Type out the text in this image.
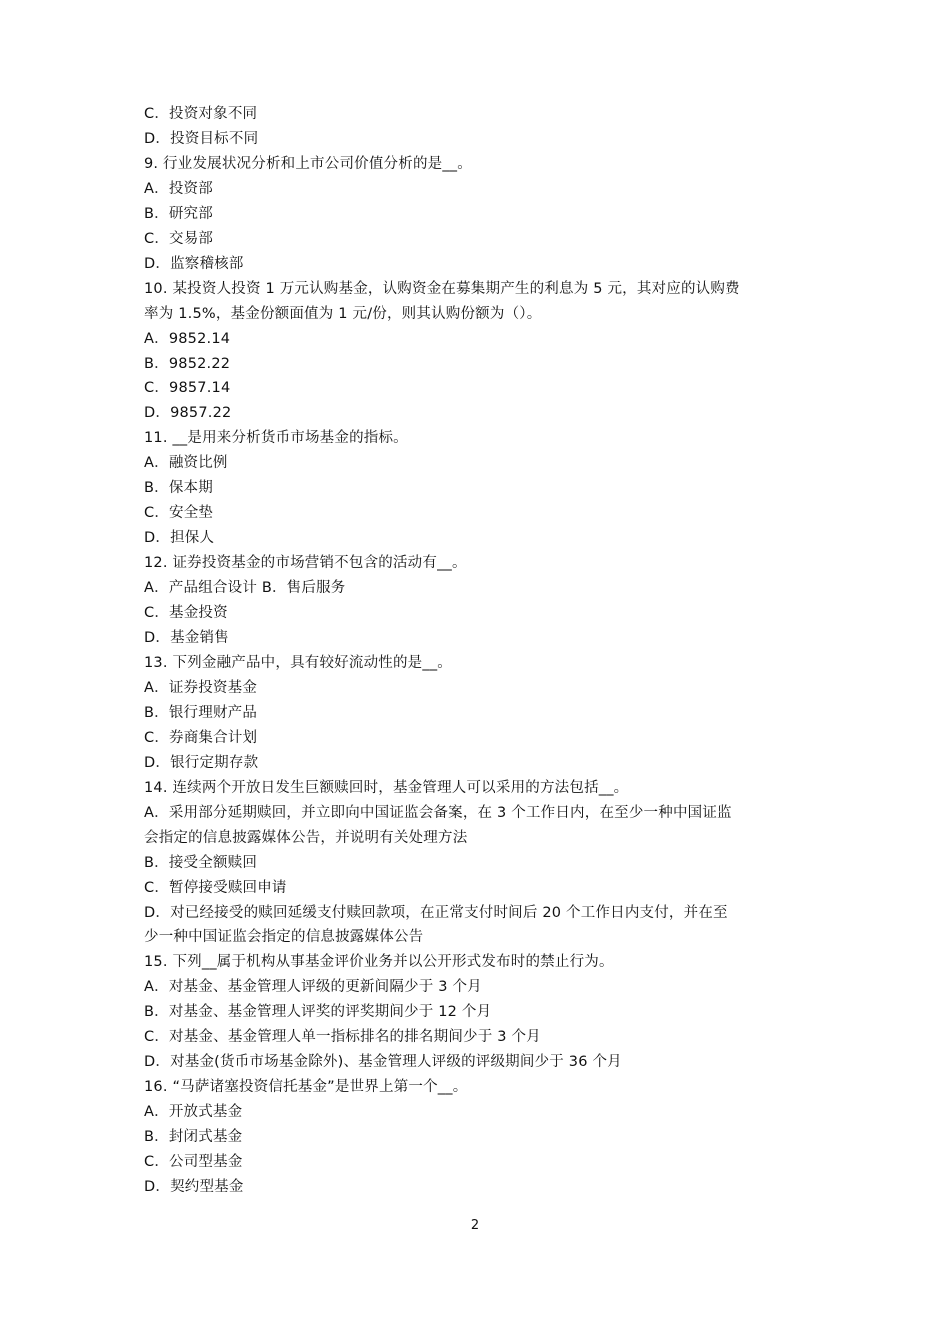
C．投资对象不同
D．投资目标不同
9. 行业发展状况分析和上市公司价值分析的是__。
A．投资部
B．研究部
C．交易部
D．监察稽核部
10. 某投资人投资 1 万元认购基金，认购资金在募集期产生的利息为 5 元，其对应的认购费
率为 1.5%，基金份额面值为 1 元/份，则其认购份额为（）。
A．9852.14
B．9852.22
C．9857.14
D．9857.22
11. __是用来分析货币市场基金的指标。
A．融资比例
B．保本期
C．安全垫
D．担保人
12. 证券投资基金的市场营销不包含的活动有__。
A．产品组合设计 B．售后服务
C．基金投资
D．基金销售
13. 下列金融产品中，具有较好流动性的是__。
A．证券投资基金
B．银行理财产品
C．券商集合计划
D．银行定期存款
14. 连续两个开放日发生巨额赎回时，基金管理人可以采用的方法包括__。
A．采用部分延期赎回，并立即向中国证监会备案，在 3 个工作日内，在至少一种中国证监
会指定的信息披露媒体公告，并说明有关处理方法
B．接受全额赎回
C．暂停接受赎回申请
D．对已经接受的赎回延缓支付赎回款项，在正常支付时间后 20 个工作日内支付，并在至
少一种中国证监会指定的信息披露媒体公告
15. 下列__属于机构从事基金评价业务并以公开形式发布时的禁止行为。
A．对基金、基金管理人评级的更新间隔少于 3 个月
B．对基金、基金管理人评奖的评奖期间少于 12 个月
C．对基金、基金管理人单一指标排名的排名期间少于 3 个月
D．对基金(货币市场基金除外)、基金管理人评级的评级期间少于 36 个月
16. “马萨诸塞投资信托基金”是世界上第一个__。
A．开放式基金
B．封闭式基金
C．公司型基金
D．契约型基金
2
